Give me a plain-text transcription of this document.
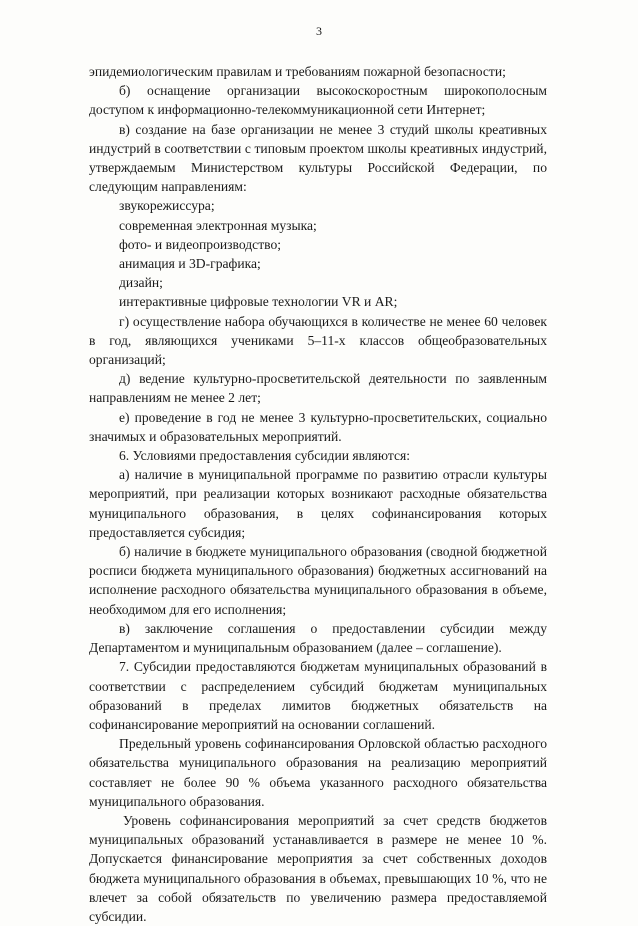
3

эпидемиологическим правилам и требованиям пожарной безопасности;

б) оснащение организации высокоскоростным широкополосным доступом к информационно-телекоммуникационной сети Интернет;

в) создание на базе организации не менее 3 студий школы креативных индустрий в соответствии с типовым проектом школы креативных индустрий, утверждаемым Министерством культуры Российской Федерации, по следующим направлениям:

звукорежиссура;

современная электронная музыка;

фото- и видеопроизводство;

анимация и 3D-графика;

дизайн;

интерактивные цифровые технологии VR и AR;

г) осуществление набора обучающихся в количестве не менее 60 человек в год, являющихся учениками 5–11-х классов общеобразовательных организаций;

д) ведение культурно-просветительской деятельности по заявленным направлениям не менее 2 лет;

е) проведение в год не менее 3 культурно-просветительских, социально значимых и образовательных мероприятий.

6. Условиями предоставления субсидии являются:

а) наличие в муниципальной программе по развитию отрасли культуры мероприятий, при реализации которых возникают расходные обязательства муниципального образования, в целях софинансирования которых предоставляется субсидия;

б) наличие в бюджете муниципального образования (сводной бюджетной росписи бюджета муниципального образования) бюджетных ассигнований на исполнение расходного обязательства муниципального образования в объеме, необходимом для его исполнения;

в) заключение соглашения о предоставлении субсидии между Департаментом и муниципальным образованием (далее – соглашение).

7. Субсидии предоставляются бюджетам муниципальных образований в соответствии с распределением субсидий бюджетам муниципальных образований в пределах лимитов бюджетных обязательств на софинансирование мероприятий на основании соглашений.

Предельный уровень софинансирования Орловской областью расходного обязательства муниципального образования на реализацию мероприятий составляет не более 90 % объема указанного расходного обязательства муниципального образования.

Уровень софинансирования мероприятий за счет средств бюджетов муниципальных образований устанавливается в размере не менее 10 %. Допускается финансирование мероприятия за счет собственных доходов бюджета муниципального образования в объемах, превышающих 10 %, что не влечет за собой обязательств по увеличению размера предоставляемой субсидии.
